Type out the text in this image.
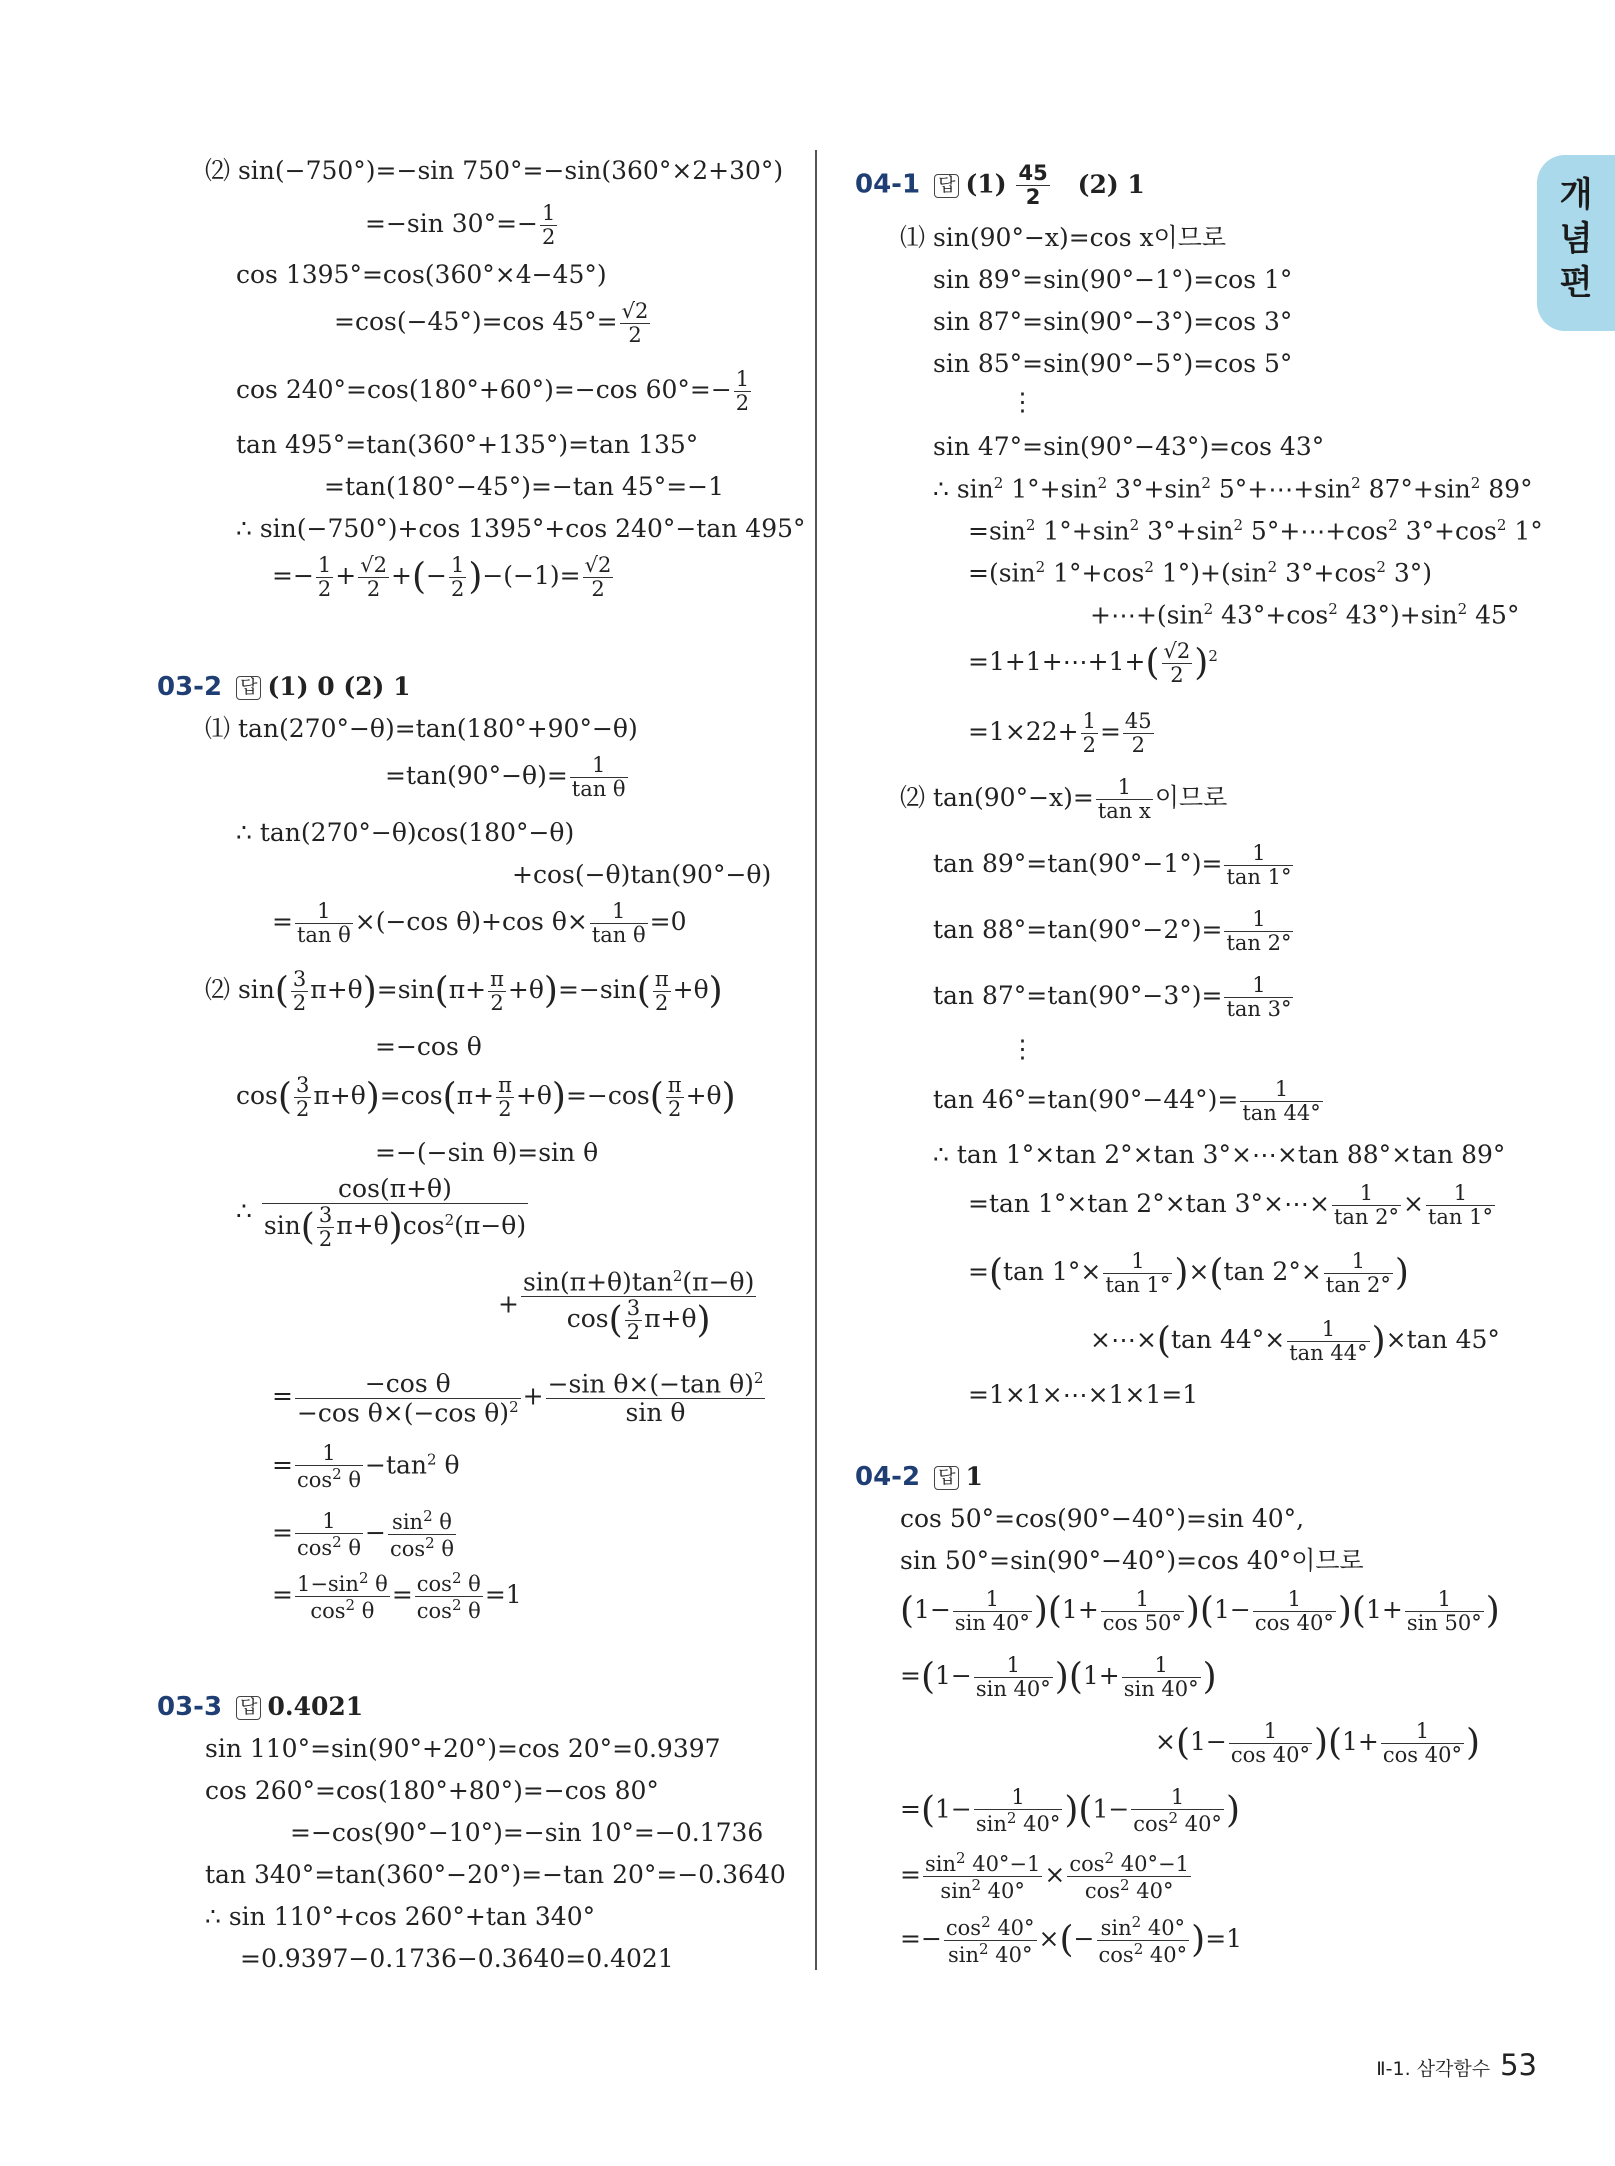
개념편
⑵ sin(−750°)=−sin 750°=−sin(360°×2+30°)
=−sin $30^\circ=- \frac{1}{2}$
cos 1395°=cos(360°×4−45°)
=cos(−45°)=cos $45^\circ= \frac{√2}{2}$
cos 240°=cos(180°+60°)=−cos $60^\circ=- \frac{1}{2}$
tan 495°=tan(360°+135°)=tan 135°
=tan(180°−45°)=−tan 45°=−1
∴ sin(−750°)+cos 1395°+cos 240°−tan 495°
=− $\frac{1}{2} + \frac{√2}{2}$ +(− $\frac{1}{2} )-(-1)= \frac{√2}{2}$
03-2 답 (1) 0 (2) 1
⑴ tan(270°−θ)=tan(180°+90°−θ)
$=\tan(90^\circ-\theta)= \frac{1}{\text{tan θ}}$
∴ tan(270°−θ)cos(180°−θ)
+cos(−θ)tan(90°−θ)
= $\frac{1}{\text{tan θ}} \times(-\cos$ θ)+cos $\theta\times \frac{1}{\text{tan θ}} =0$
⑵ $\sin( \frac{3}{2} \pi+\theta)=\sin(\pi+ \frac{\pi}{2} +\theta)=-\sin( \frac{\pi}{2} +\theta)$
=−cos θ
$\cos( \frac{3}{2} \pi+\theta)=\cos(\pi+ \frac{\pi}{2} +\theta)=-\cos( \frac{\pi}{2} +\theta)$
=−(−sin θ)=sin θ
∴ $\frac{\cos(\pi+\theta)}{\sin( \frac{3}{2} \pi+\theta)\cos^2(\pi-\theta)}$
+ $\frac{\sin(\pi+\theta)\tan^2(\pi-\theta)}{\cos( \frac{3}{2} \pi+\theta)}$
= $\frac{\text{−cos θ}}{-\cos \theta\times(-\cos \theta)^2} + \frac{-\sin \theta\times(-\tan \theta)^2}{\text{sin θ}}$
= $\frac{1}{\cos^2 \theta} -\tan^2$ θ
= $\frac{1}{\cos^2 \theta} - \frac{\sin^2 \theta}{\cos^2 \theta}$
= $\frac{1-\sin^2 \theta}{\cos^2 \theta} = \frac{\cos^2 \theta}{\cos^2 \theta} =1$
03-3 답 0.4021
sin 110°=sin(90°+20°)=cos 20°=0.9397
cos 260°=cos(180°+80°)=−cos 80°
=−cos(90°−10°)=−sin 10°=−0.1736
tan 340°=tan(360°−20°)=−tan 20°=−0.3640
∴ sin 110°+cos 260°+tan 340°
=0.9397−0.1736−0.3640=0.4021
04-1 답 $(1) \frac{45}{2} (2)$ 1
⑴ sin(90°−x)=cos x이므로
sin 89°=sin(90°−1°)=cos 1°
sin 87°=sin(90°−3°)=cos 3°
sin 85°=sin(90°−5°)=cos 5°
⋮
sin 47°=sin(90°−43°)=cos 43°
∴ $\sin^2 1^\circ+\sin^2$ $3^\circ+\sin^2$ $5^\circ+\cdots+\sin^2$ $87^\circ+\sin^2$ 89°
$=\sin^2$ $1^\circ+\sin^2$ $3^\circ+\sin^2$ $5^\circ+\cdots+\cos^2$ $3^\circ+\cos^2$ 1°
$=(\sin^2$ $1^\circ+\cos^2$ $1^\circ)+(\sin^2$ $3^\circ+\cos^2$ 3°)
$+\cdots+(\sin^2$ $43^\circ+\cos^2$ $43^\circ)+\sin^2$ 45°
=1+1+⋯+1+( $\frac{√2}{2} )^2$
$=1\times 22+ \frac{1}{2} = \frac{45}{2}$
⑵ $\tan(90^\circ-x)= \frac{1}{\text{tan x}}$ 이므로
$\tan 89^\circ=\tan(90^\circ-1^\circ)= \frac{1}{\tan 1^\circ}$
$\tan 88^\circ=\tan(90^\circ-2^\circ)= \frac{1}{\tan 2^\circ}$
$\tan 87^\circ=\tan(90^\circ-3^\circ)= \frac{1}{\tan 3^\circ}$
⋮
$\tan 46^\circ=\tan(90^\circ-44^\circ)= \frac{1}{\tan 44^\circ}$
∴ tan 1°×tan 2°×tan 3°×⋯×tan 88°×tan 89°
=tan 1°×tan 2°×tan 3°×⋯× $\frac{1}{\tan 2^\circ} \times \frac{1}{\tan 1^\circ}$
=(tan $1^\circ\times \frac{1}{\tan 1^\circ} )\times(\tan$ $2^\circ\times \frac{1}{\tan 2^\circ}$ )
×⋯×(tan $44^\circ\times \frac{1}{\tan 44^\circ} )\times\tan$ 45°
=1×1×⋯×1×1=1
04-2 답 1
cos 50°=cos(90°−40°)=sin 40°,
sin 50°=sin(90°−40°)=cos 40°이므로
$(1- \frac{1}{\sin 40^\circ} )(1+ \frac{1}{\cos 50^\circ} )(1- \frac{1}{\cos 40^\circ} )(1+ \frac{1}{\sin 50^\circ}$ )
$=(1- \frac{1}{\sin 40^\circ} )(1+ \frac{1}{\sin 40^\circ}$ )
$\times(1- \frac{1}{\cos 40^\circ} )(1+ \frac{1}{\cos 40^\circ}$ )
$=(1- \frac{1}{\sin^2 40^\circ} )(1- \frac{1}{\cos^2 40^\circ}$ )
= $\frac{\sin^2 40^\circ-1}{\sin^2 40^\circ} \times \frac{\cos^2 40^\circ-1}{\cos^2 40^\circ}$
=− $\frac{\cos^2 40^\circ}{\sin^2 40^\circ}$ ×(− $\frac{\sin^2 40^\circ}{\cos^2 40^\circ} )=1$
Ⅱ-1. 삼각함수 53
